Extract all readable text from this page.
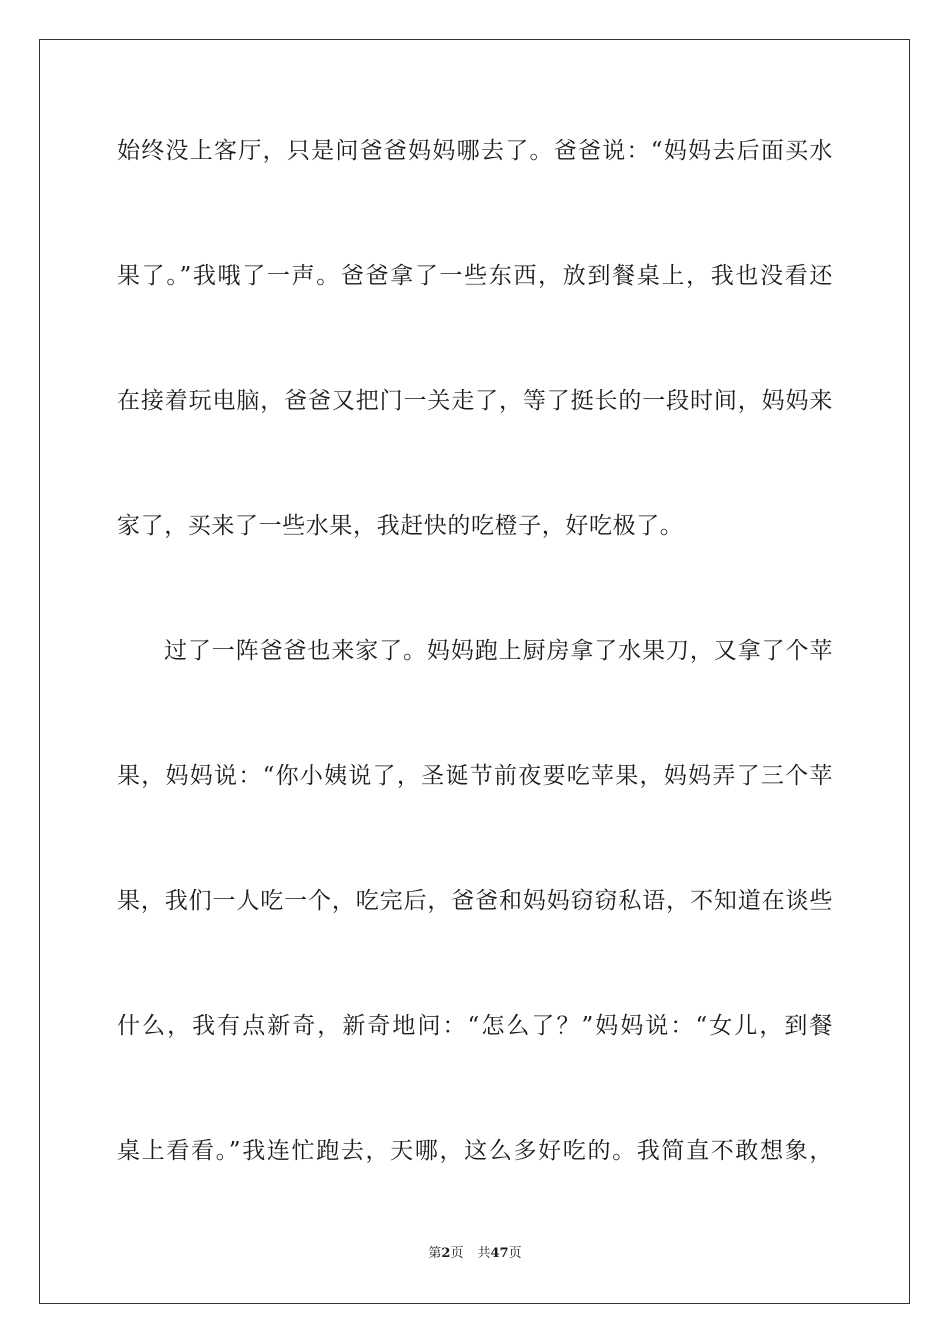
始终没上客厅，只是问爸爸妈妈哪去了。爸爸说：“妈妈去后面买水
果了。”我哦了一声。爸爸拿了一些东西，放到餐桌上，我也没看还
在接着玩电脑，爸爸又把门一关走了，等了挺长的一段时间，妈妈来
家了，买来了一些水果，我赶快的吃橙子，好吃极了。
过了一阵爸爸也来家了。妈妈跑上厨房拿了水果刀，又拿了个苹
果，妈妈说：“你小姨说了，圣诞节前夜要吃苹果，妈妈弄了三个苹
果，我们一人吃一个，吃完后，爸爸和妈妈窃窃私语，不知道在谈些
什么，我有点新奇，新奇地问：“怎么了？”妈妈说：“女儿，到餐
桌上看看。”我连忙跑去，天哪，这么多好吃的。我简直不敢想象，
第2页 共47页
